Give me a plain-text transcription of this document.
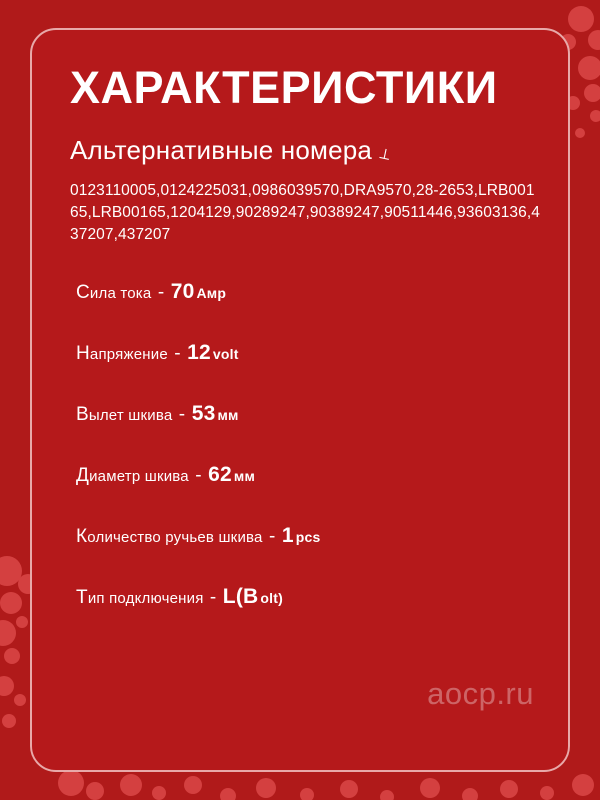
ХАРАКТЕРИСТИКИ
Альтернативные номера ⟂
0123110005,0124225031,0986039570,DRA9570,28-2653,LRB00165,LRB00165,1204129,90289247,90389247,90511446,93603136,437207,437207
Сила тока - 70 Aмp
Напряжение - 12 volt
Вылет шкива - 53 мм
Диаметр шкива - 62 мм
Количество ручьев шкива - 1 pcs
Тип подключения - L(B olt)
аоср.ru
